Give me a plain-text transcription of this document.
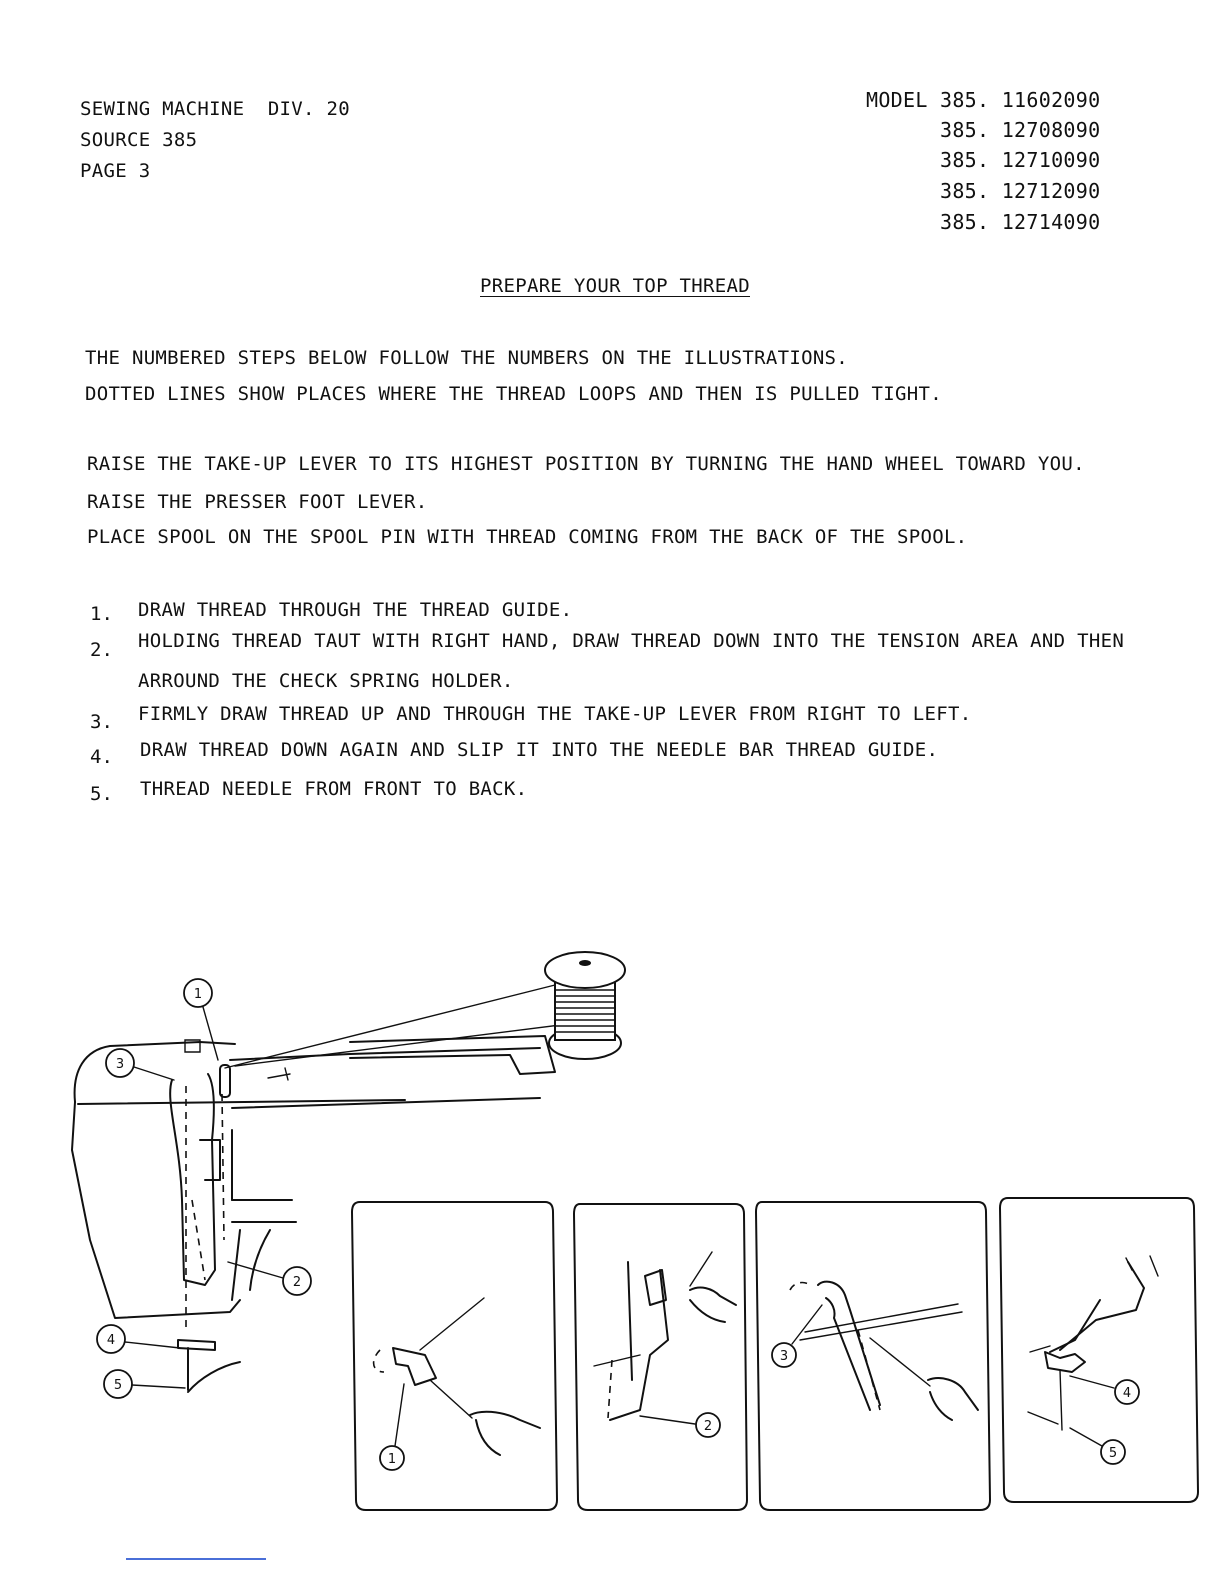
SEWING MACHINE  DIV. 20
SOURCE 385
PAGE 3
MODEL 385. 11602090
385. 12708090
385. 12710090
385. 12712090
385. 12714090
PREPARE YOUR TOP THREAD
THE NUMBERED STEPS BELOW FOLLOW THE NUMBERS ON THE ILLUSTRATIONS.
DOTTED LINES SHOW PLACES WHERE THE THREAD LOOPS AND THEN IS PULLED TIGHT.
RAISE THE TAKE-UP LEVER TO ITS HIGHEST POSITION BY TURNING THE HAND WHEEL TOWARD YOU.
RAISE THE PRESSER FOOT LEVER.
PLACE SPOOL ON THE SPOOL PIN WITH THREAD COMING FROM THE BACK OF THE SPOOL.
1. DRAW THREAD THROUGH THE THREAD GUIDE.
2. HOLDING THREAD TAUT WITH RIGHT HAND, DRAW THREAD DOWN INTO THE TENSION AREA AND THEN
ARROUND THE CHECK SPRING HOLDER.
3. FIRMLY DRAW THREAD UP AND THROUGH THE TAKE-UP LEVER FROM RIGHT TO LEFT.
4. DRAW THREAD DOWN AGAIN AND SLIP IT INTO THE NEEDLE BAR THREAD GUIDE.
5. THREAD NEEDLE FROM FRONT TO BACK.
1
3
2
4
5
1
2
3
4
5
